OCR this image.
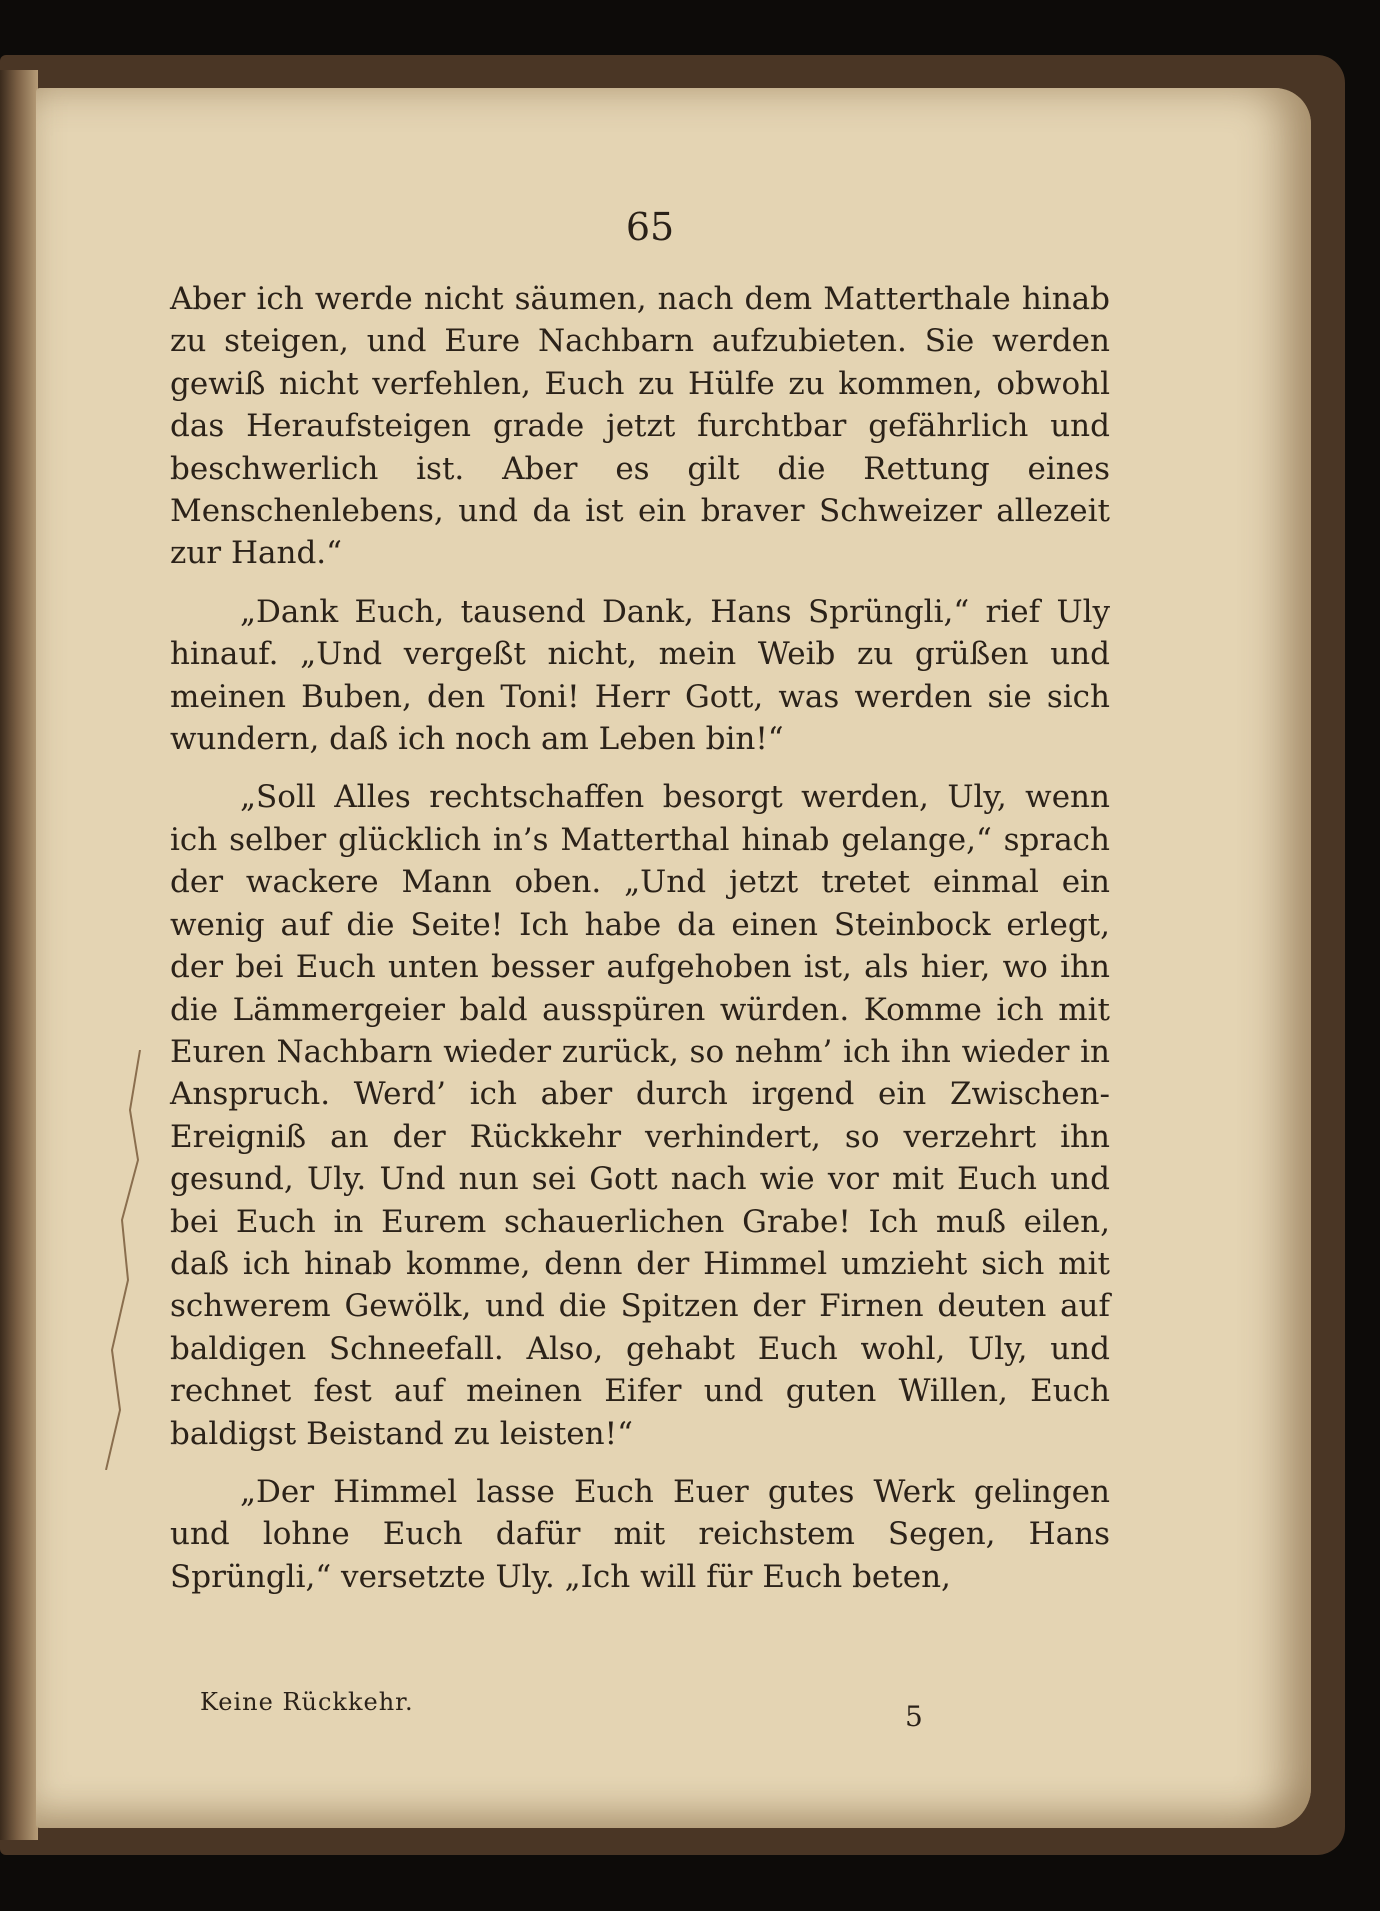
65

Aber ich werde nicht säumen, nach dem Matterthale hinab zu steigen, und Eure Nachbarn aufzubieten. Sie werden gewiß nicht verfehlen, Euch zu Hülfe zu kommen, obwohl das Heraufsteigen grade jetzt furchtbar gefährlich und beschwerlich ist. Aber es gilt die Rettung eines Menschenlebens, und da ist ein braver Schweizer allezeit zur Hand.“

„Dank Euch, tausend Dank, Hans Sprüngli,“ rief Uly hinauf. „Und vergeßt nicht, mein Weib zu grüßen und meinen Buben, den Toni! Herr Gott, was werden sie sich wundern, daß ich noch am Leben bin!“

„Soll Alles rechtschaffen besorgt werden, Uly, wenn ich selber glücklich in’s Matterthal hinab gelange,“ sprach der wackere Mann oben. „Und jetzt tretet einmal ein wenig auf die Seite! Ich habe da einen Steinbock erlegt, der bei Euch unten besser aufgehoben ist, als hier, wo ihn die Lämmergeier bald ausspüren würden. Komme ich mit Euren Nachbarn wieder zurück, so nehm’ ich ihn wieder in Anspruch. Werd’ ich aber durch irgend ein Zwischen-Ereigniß an der Rückkehr verhindert, so verzehrt ihn gesund, Uly. Und nun sei Gott nach wie vor mit Euch und bei Euch in Eurem schauerlichen Grabe! Ich muß eilen, daß ich hinab komme, denn der Himmel umzieht sich mit schwerem Gewölk, und die Spitzen der Firnen deuten auf baldigen Schneefall. Also, gehabt Euch wohl, Uly, und rechnet fest auf meinen Eifer und guten Willen, Euch baldigst Beistand zu leisten!“

„Der Himmel lasse Euch Euer gutes Werk gelingen und lohne Euch dafür mit reichstem Segen, Hans Sprüngli,“ versetzte Uly. „Ich will für Euch beten,

Keine Rückkehr.	5
